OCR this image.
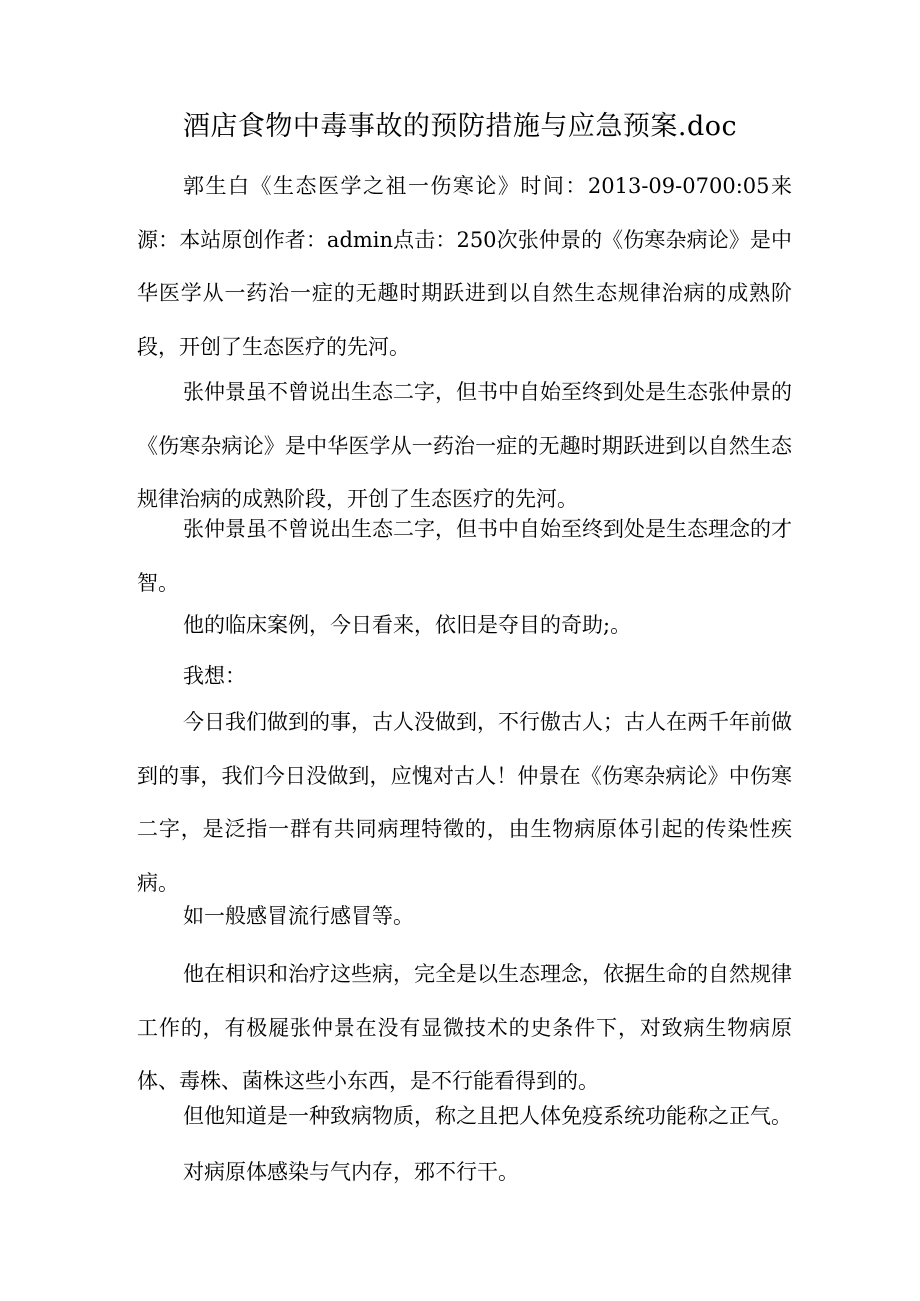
酒店食物中毒事故的预防措施与应急预案.doc

郭生白《生态医学之祖一伤寒论》时间：2013-09-0700:05来源：本站原创作者：admin点击：250次张仲景的《伤寒杂病论》是中华医学从一药治一症的无趣时期跃进到以自然生态规律治病的成熟阶段，开创了生态医疗的先河。

张仲景虽不曾说出生态二字，但书中自始至终到处是生态张仲景的《伤寒杂病论》是中华医学从一药治一症的无趣时期跃进到以自然生态规律治病的成熟阶段，开创了生态医疗的先河。

张仲景虽不曾说出生态二字，但书中自始至终到处是生态理念的才智。

他的临床案例，今日看来，依旧是夺目的奇助;。

我想：

今日我们做到的事，古人没做到，不行傲古人；古人在两千年前做到的事，我们今日没做到，应愧对古人！仲景在《伤寒杂病论》中伤寒二字，是泛指一群有共同病理特徵的，由生物病原体引起的传染性疾病。

如一般感冒流行感冒等。

他在相识和治疗这些病，完全是以生态理念，依据生命的自然规律工作的，有极屣张仲景在没有显微技术的史条件下，对致病生物病原体、毒株、菌株这些小东西，是不行能看得到的。

但他知道是一种致病物质，称之且把人体免疫系统功能称之正气。

对病原体感染与气内存，邪不行干。
